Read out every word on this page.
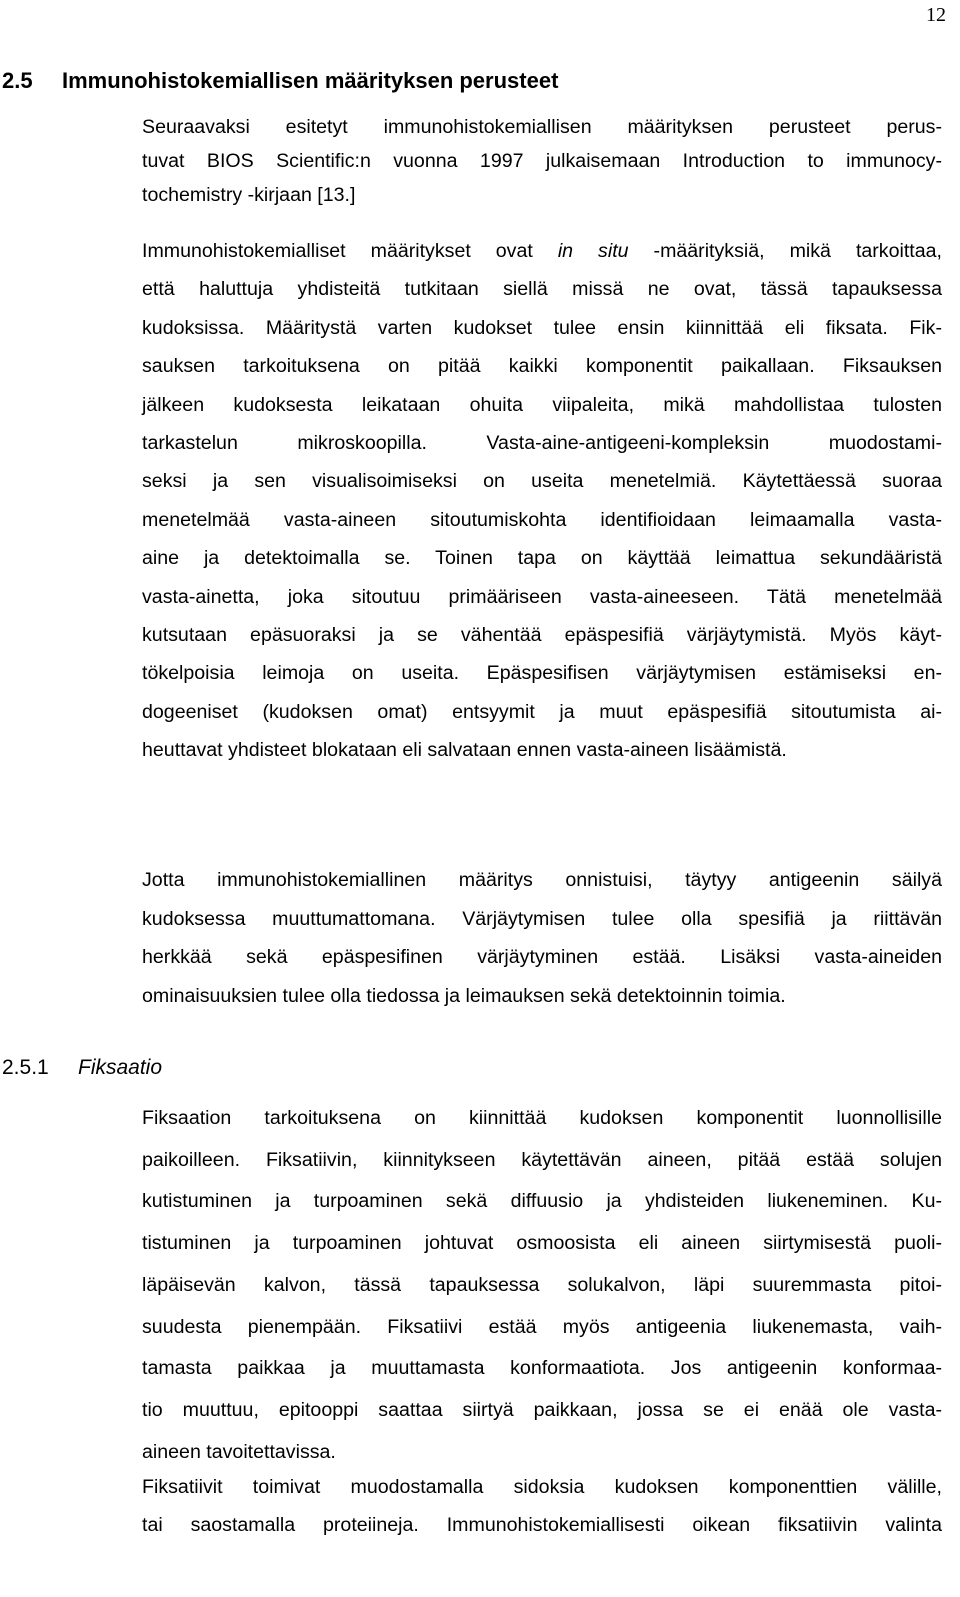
12
2.5 Immunohistokemiallisen määrityksen perusteet
Seuraavaksi esitetyt immunohistokemiallisen määrityksen perusteet perus-
tuvat BIOS Scientific:n vuonna 1997 julkaisemaan Introduction to immunocy-
tochemistry -kirjaan [13.]
Immunohistokemialliset määritykset ovat in situ -määrityksiä, mikä tarkoittaa,
että haluttuja yhdisteitä tutkitaan siellä missä ne ovat, tässä tapauksessa
kudoksissa. Määritystä varten kudokset tulee ensin kiinnittää eli fiksata. Fik-
sauksen tarkoituksena on pitää kaikki komponentit paikallaan. Fiksauksen
jälkeen kudoksesta leikataan ohuita viipaleita, mikä mahdollistaa tulosten
tarkastelun mikroskoopilla. Vasta-aine-antigeeni-kompleksin muodostami-
seksi ja sen visualisoimiseksi on useita menetelmiä. Käytettäessä suoraa
menetelmää vasta-aineen sitoutumiskohta identifioidaan leimaamalla vasta-
aine ja detektoimalla se. Toinen tapa on käyttää leimattua sekundääristä
vasta-ainetta, joka sitoutuu primääriseen vasta-aineeseen. Tätä menetelmää
kutsutaan epäsuoraksi ja se vähentää epäspesifiä värjäytymistä. Myös käyt-
tökelpoisia leimoja on useita. Epäspesifisen värjäytymisen estämiseksi en-
dogeeniset (kudoksen omat) entsyymit ja muut epäspesifiä sitoutumista ai-
heuttavat yhdisteet blokataan eli salvataan ennen vasta-aineen lisäämistä.
Jotta immunohistokemiallinen määritys onnistuisi, täytyy antigeenin säilyä
kudoksessa muuttumattomana. Värjäytymisen tulee olla spesifiä ja riittävän
herkkää sekä epäspesifinen värjäytyminen estää. Lisäksi vasta-aineiden
ominaisuuksien tulee olla tiedossa ja leimauksen sekä detektoinnin toimia.
2.5.1 Fiksaatio
Fiksaation tarkoituksena on kiinnittää kudoksen komponentit luonnollisille
paikoilleen. Fiksatiivin, kiinnitykseen käytettävän aineen, pitää estää solujen
kutistuminen ja turpoaminen sekä diffuusio ja yhdisteiden liukeneminen. Ku-
tistuminen ja turpoaminen johtuvat osmoosista eli aineen siirtymisestä puoli-
läpäisevän kalvon, tässä tapauksessa solukalvon, läpi suuremmasta pitoi-
suudesta pienempään. Fiksatiivi estää myös antigeenia liukenemasta, vaih-
tamasta paikkaa ja muuttamasta konformaatiota. Jos antigeenin konformaa-
tio muuttuu, epitooppi saattaa siirtyä paikkaan, jossa se ei enää ole vasta-
aineen tavoitettavissa.
Fiksatiivit toimivat muodostamalla sidoksia kudoksen komponenttien välille,
tai saostamalla proteiineja. Immunohistokemiallisesti oikean fiksatiivin valinta
